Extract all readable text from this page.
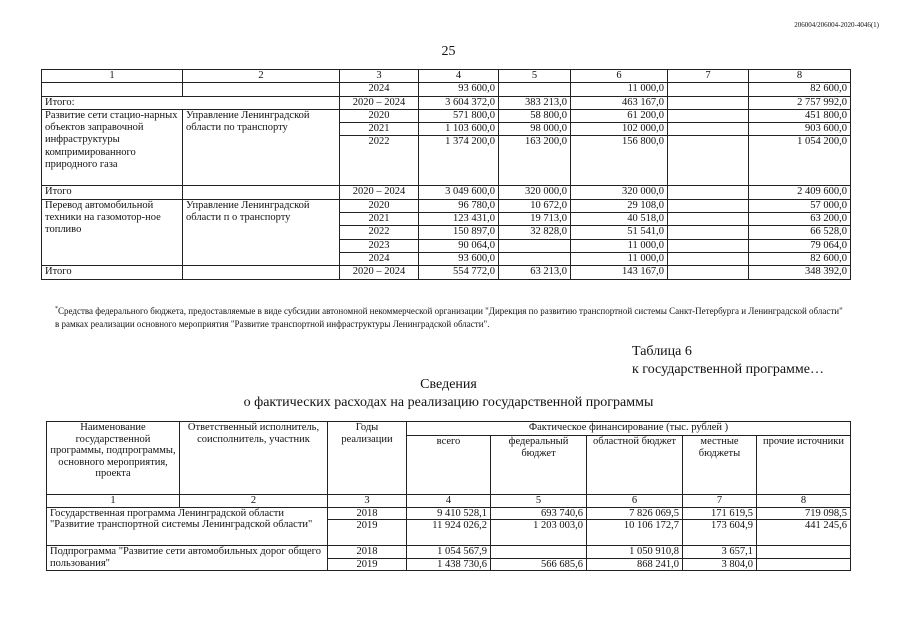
206004/206004-2020-4046(1)
25
1	2	3	4	5	6	7	8
		2024	93 600,0		11 000,0		82 600,0
Итого:		2020 – 2024	3 604 372,0	383 213,0	463 167,0		2 757 992,0
Развитие сети стацио-нарных объектов заправочной инфраструктуры компримированного природного газа	Управление Ленинградской области по транспорту	2020	571 800,0	58 800,0	61 200,0		451 800,0
		2021	1 103 600,0	98 000,0	102 000,0		903 600,0
		2022	1 374 200,0	163 200,0	156 800,0		1 054 200,0
Итого		2020 – 2024	3 049 600,0	320 000,0	320 000,0		2 409 600,0
Перевод автомобильной техники на газомотор-ное топливо	Управление Ленинградской области п о транспорту	2020	96 780,0	10 672,0	29 108,0		57 000,0
		2021	123 431,0	19 713,0	40 518,0		63 200,0
		2022	150 897,0	32 828,0	51 541,0		66 528,0
		2023	90 064,0		11 000,0		79 064,0
		2024	93 600,0		11 000,0		82 600,0
Итого		2020 – 2024	554 772,0	63 213,0	143 167,0		348 392,0
*Средства федерального бюджета, предоставляемые в виде субсидии автономной некоммерческой организации "Дирекция по развитию транспортной системы Санкт-Петербурга и Ленинградской области" в рамках реализации основного мероприятия "Развитие транспортной инфраструктуры Ленинградской области".
Таблица 6
к государственной программе…
Сведения
о фактических расходах на реализацию государственной программы
Наименование государственной программы, подпрограммы, основного мероприятия, проекта	Ответственный исполнитель, соисполнитель, участник	Годы реализации	Фактическое финансирование (тыс. рублей )				
			всего	федеральный бюджет	областной бюджет	местные бюджеты	прочие источники
1	2	3	4	5	6	7	8
Государственная программа Ленинградской области "Развитие транспортной системы Ленинградской области"		2018	9 410 528,1	693 740,6	7 826 069,5	171 619,5	719 098,5
		2019	11 924 026,2	1 203 003,0	10 106 172,7	173 604,9	441 245,6
Подпрограмма "Развитие сети автомобильных дорог общего пользования"		2018	1 054 567,9		1 050 910,8	3 657,1	
		2019	1 438 730,6	566 685,6	868 241,0	3 804,0	
